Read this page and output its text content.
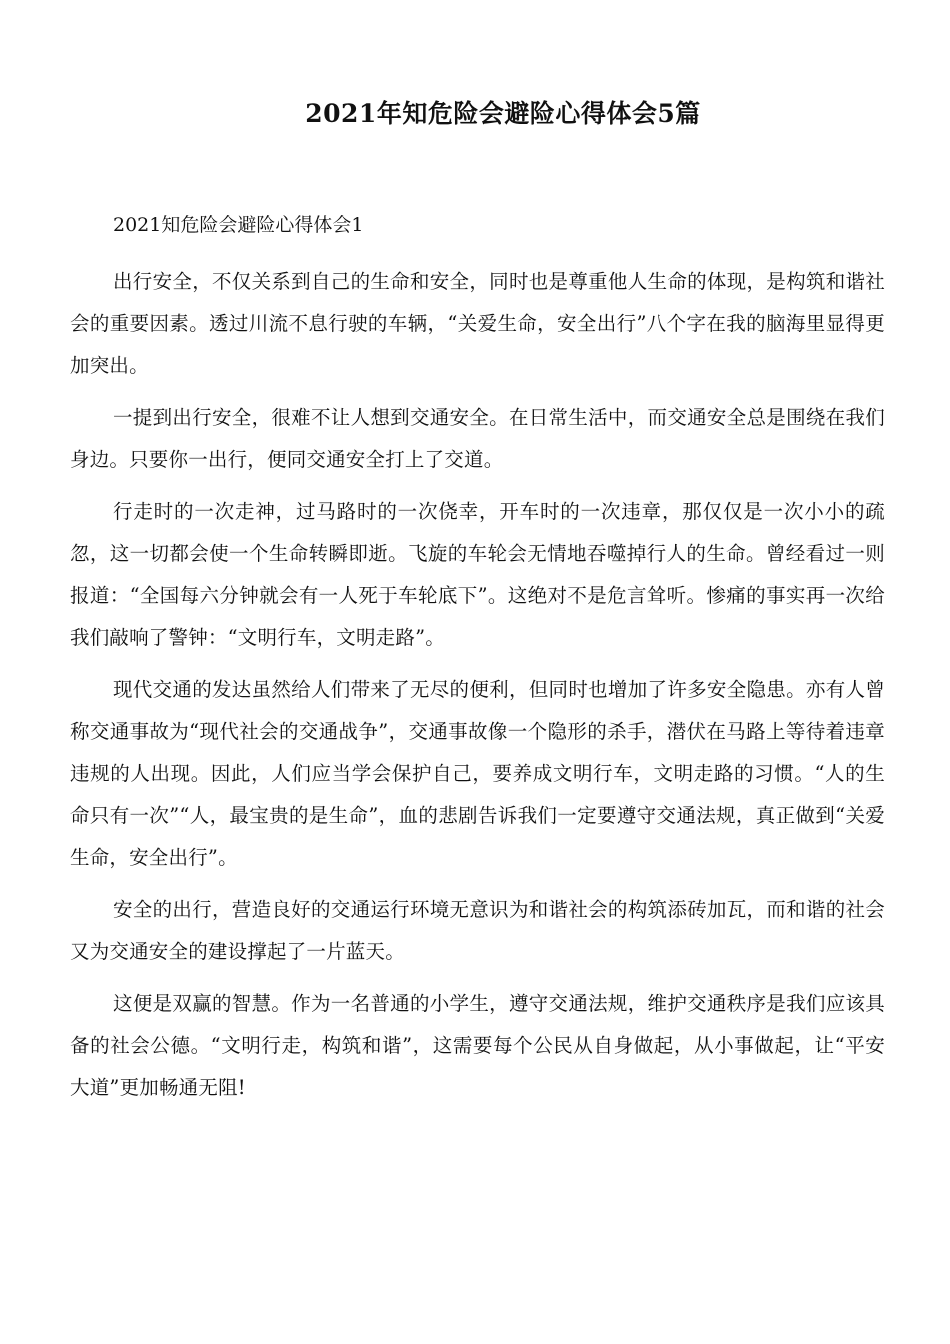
2021年知危险会避险心得体会5篇

2021知危险会避险心得体会1

出行安全，不仅关系到自己的生命和安全，同时也是尊重他人生命的体现，是构筑和谐社会的重要因素。透过川流不息行驶的车辆，“关爱生命，安全出行”八个字在我的脑海里显得更加突出。

一提到出行安全，很难不让人想到交通安全。在日常生活中，而交通安全总是围绕在我们身边。只要你一出行，便同交通安全打上了交道。

行走时的一次走神，过马路时的一次侥幸，开车时的一次违章，那仅仅是一次小小的疏忽，这一切都会使一个生命转瞬即逝。飞旋的车轮会无情地吞噬掉行人的生命。曾经看过一则报道：“全国每六分钟就会有一人死于车轮底下”。这绝对不是危言耸听。惨痛的事实再一次给我们敲响了警钟：“文明行车，文明走路”。

现代交通的发达虽然给人们带来了无尽的便利，但同时也增加了许多安全隐患。亦有人曾称交通事故为“现代社会的交通战争”，交通事故像一个隐形的杀手，潜伏在马路上等待着违章违规的人出现。因此，人们应当学会保护自己，要养成文明行车，文明走路的习惯。“人的生命只有一次”“人，最宝贵的是生命”，血的悲剧告诉我们一定要遵守交通法规，真正做到“关爱生命，安全出行”。

安全的出行，营造良好的交通运行环境无意识为和谐社会的构筑添砖加瓦，而和谐的社会又为交通安全的建设撑起了一片蓝天。

这便是双赢的智慧。作为一名普通的小学生，遵守交通法规，维护交通秩序是我们应该具备的社会公德。“文明行走，构筑和谐”，这需要每个公民从自身做起，从小事做起，让“平安大道”更加畅通无阻!
